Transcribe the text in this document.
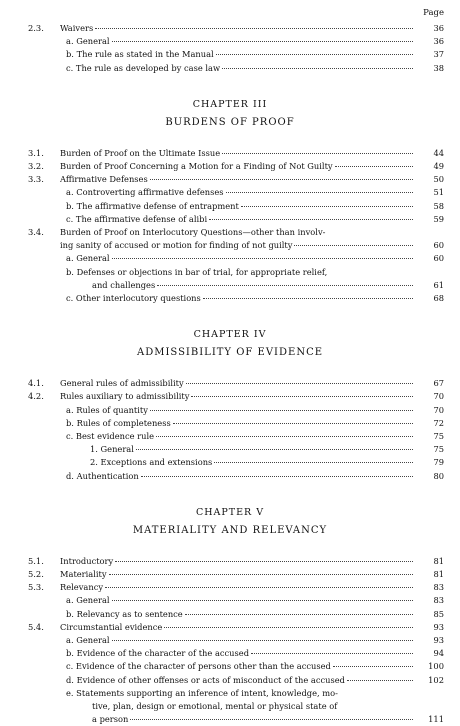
Page
2.3. Waivers	36
a. General	36
b. The rule as stated in the Manual	37
c. The rule as developed by case law	38
CHAPTER III
BURDENS OF PROOF
3.1. Burden of Proof on the Ultimate Issue	44
3.2. Burden of Proof Concerning a Motion for a Finding of Not Guilty	49
3.3. Affirmative Defenses	50
a. Controverting affirmative defenses	51
b. The affirmative defense of entrapment	58
c. The affirmative defense of alibi	59
3.4. Burden of Proof on Interlocutory Questions—other than involv-
ing sanity of accused or motion for finding of not guilty	60
a. General	60
b. Defenses or objections in bar of trial, for appropriate relief,
and challenges	61
c. Other interlocutory questions	68
CHAPTER IV
ADMISSIBILITY OF EVIDENCE
4.1. General rules of admissibility	67
4.2. Rules auxiliary to admissibility	70
a. Rules of quantity	70
b. Rules of completeness	72
c. Best evidence rule	75
1. General	75
2. Exceptions and extensions	79
d. Authentication	80
CHAPTER V
MATERIALITY AND RELEVANCY
5.1. Introductory	81
5.2. Materiality	81
5.3. Relevancy	83
a. General	83
b. Relevancy as to sentence	85
5.4. Circumstantial evidence	93
a. General	93
b. Evidence of the character of the accused	94
c. Evidence of the character of persons other than the accused	100
d. Evidence of other offenses or acts of misconduct of the accused	102
e. Statements supporting an inference of intent, knowledge, mo-
tive, plan, design or emotional, mental or physical state of
a person	111
